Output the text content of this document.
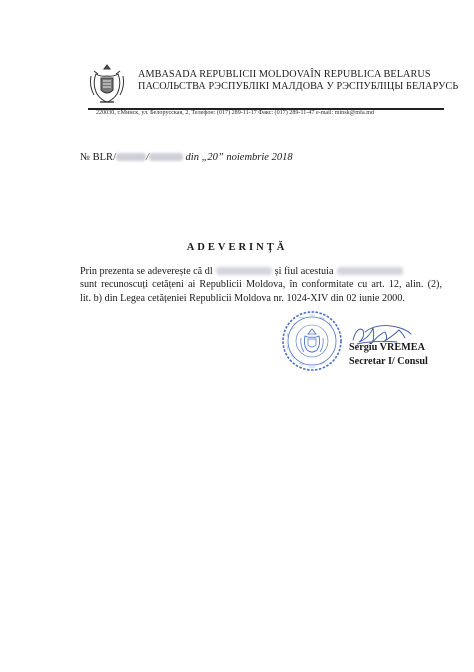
AMBASADA REPUBLICII MOLDOVAÎN REPUBLICA BELARUS
ПАСОЛЬСТВА РЭСПУБЛІКІ МАЛДОВА У РЭСПУБЛІЦЫ БЕЛАРУСЬ
220030, г.Минск, ул. Белорусская, 2, Телефон: (017) 289-11-17 Факс: (017) 289-11-47 e-mail: minsk@mfa.md
№ BLR/	/	din „20” noiembrie 2018
ADEVERINȚĂ
Prin prezenta se adeverește că dl	și fiul acestuia
sunt recunoscuți cetățeni ai Republicii Moldova, în conformitate cu art. 12, alin. (2),
lit. b) din Legea cetățeniei Republicii Moldova nr. 1024-XIV din 02 iunie 2000.
Sergiu VREMEA
Secretar I/ Consul
